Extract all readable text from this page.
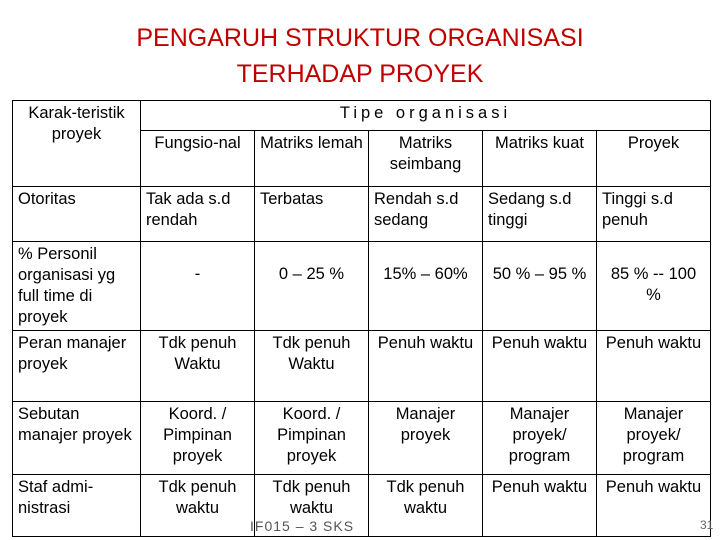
PENGARUH STRUKTUR ORGANISASI
TERHADAP PROYEK
Karak-teristik proyek	Tipe organisasi				
	Fungsio-nal	Matriks lemah	Matriks seimbang	Matriks kuat	Proyek
Otoritas	Tak ada s.d rendah	Terbatas	Rendah s.d sedang	Sedang s.d tinggi	Tinggi s.d penuh
% Personil organisasi yg full time di proyek	-	0 – 25 %	15% – 60%	50 % – 95 %	85 % -- 100 %
Peran manajer proyek	Tdk penuh Waktu	Tdk penuh Waktu	Penuh waktu	Penuh waktu	Penuh waktu
Sebutan manajer proyek	Koord. / Pimpinan proyek	Koord. / Pimpinan proyek	Manajer proyek	Manajer proyek/ program	Manajer proyek/ program
Staf admi-nistrasi	Tdk penuh waktu	Tdk penuh waktu	Tdk penuh waktu	Penuh waktu	Penuh waktu
IF015 – 3 SKS	31
